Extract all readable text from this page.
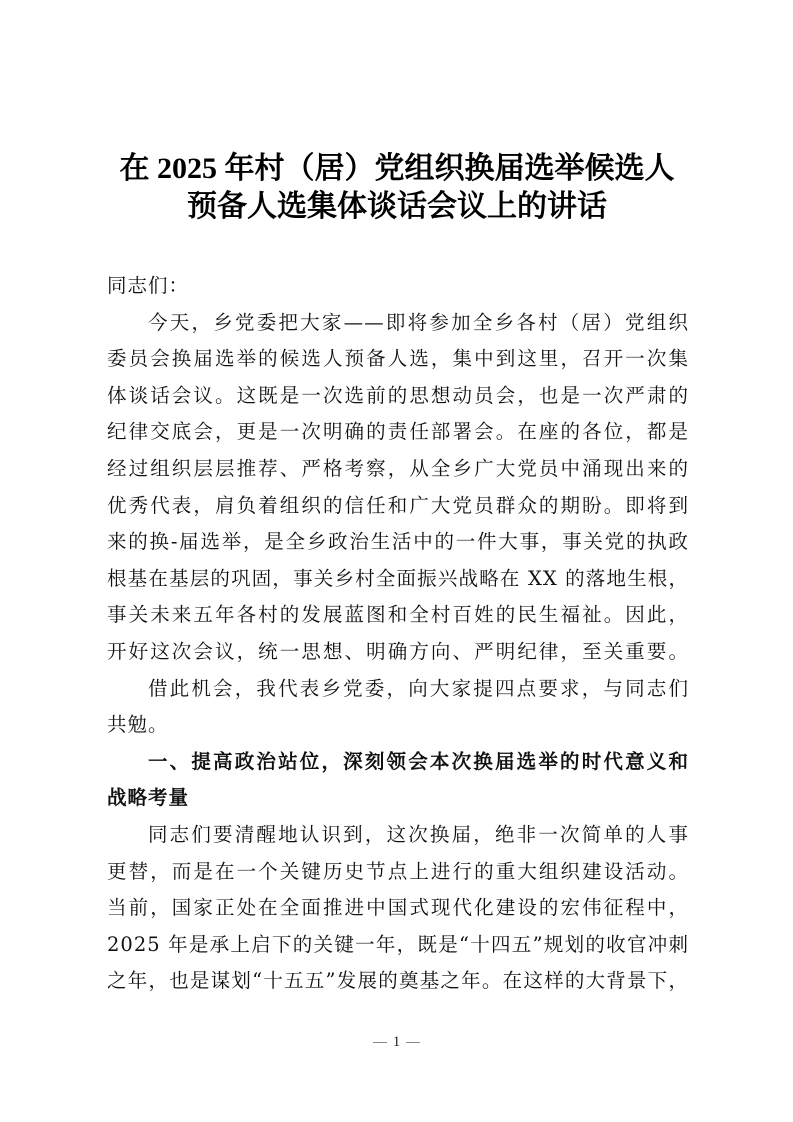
在 2025 年村（居）党组织换届选举候选人
预备人选集体谈话会议上的讲话
同志们：
今天，乡党委把大家——即将参加全乡各村（居）党组织
委员会换届选举的候选人预备人选，集中到这里，召开一次集
体谈话会议。这既是一次选前的思想动员会，也是一次严肃的
纪律交底会，更是一次明确的责任部署会。在座的各位，都是
经过组织层层推荐、严格考察，从全乡广大党员中涌现出来的
优秀代表，肩负着组织的信任和广大党员群众的期盼。即将到
来的换-届选举，是全乡政治生活中的一件大事，事关党的执政
根基在基层的巩固，事关乡村全面振兴战略在 XX 的落地生根，
事关未来五年各村的发展蓝图和全村百姓的民生福祉。因此，
开好这次会议，统一思想、明确方向、严明纪律，至关重要。
借此机会，我代表乡党委，向大家提四点要求，与同志们
共勉。
一、提高政治站位，深刻领会本次换届选举的时代意义和
战略考量
同志们要清醒地认识到，这次换届，绝非一次简单的人事
更替，而是在一个关键历史节点上进行的重大组织建设活动。
当前，国家正处在全面推进中国式现代化建设的宏伟征程中，
2025 年是承上启下的关键一年，既是“十四五”规划的收官冲刺
之年，也是谋划“十五五”发展的奠基之年。在这样的大背景下，
1
